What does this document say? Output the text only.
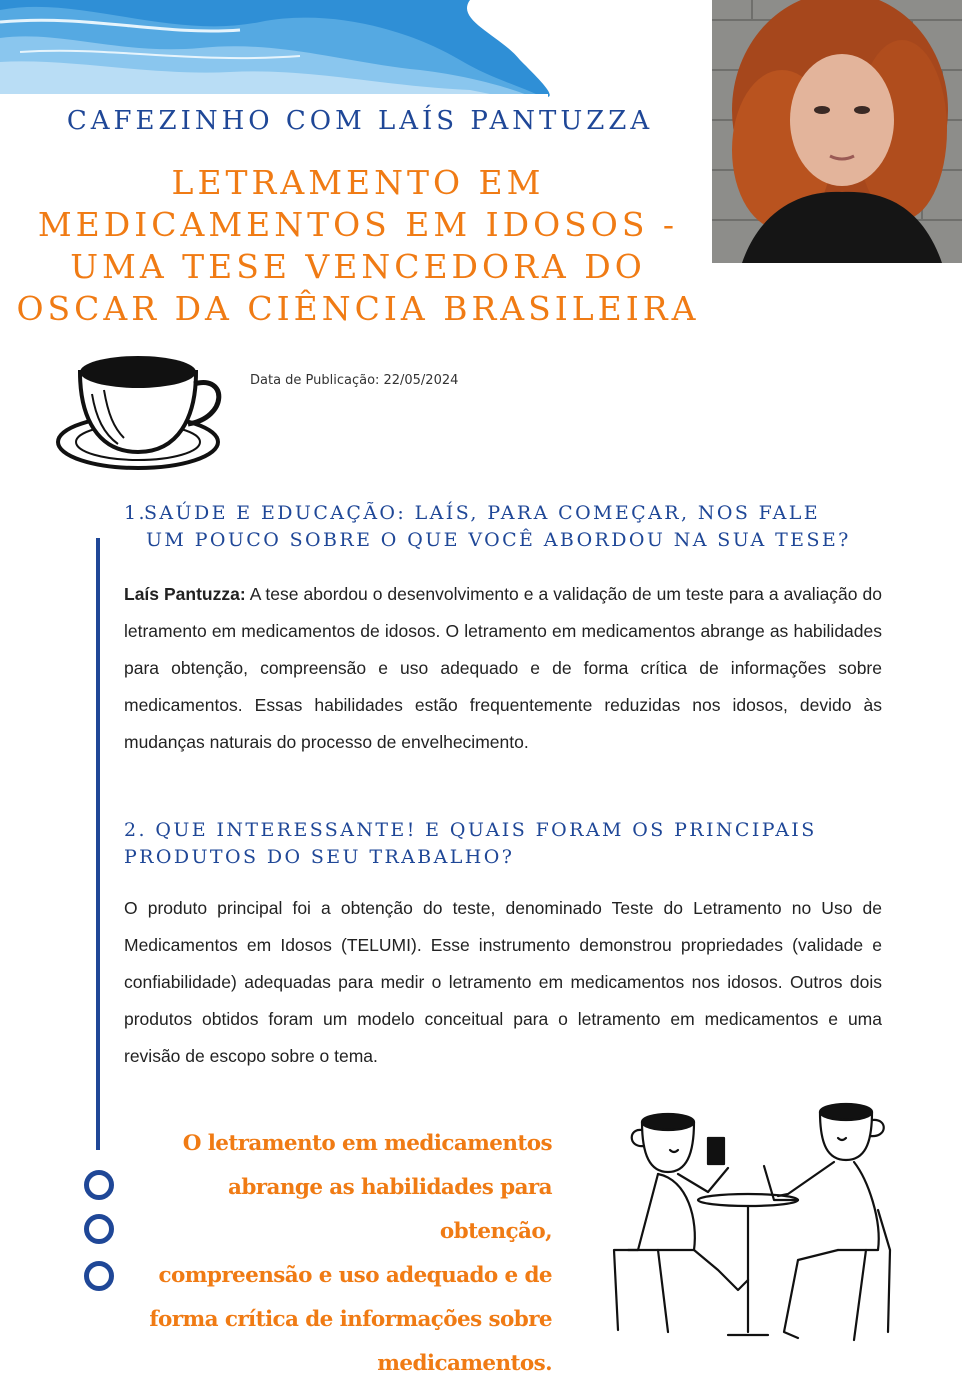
CAFEZINHO COM LAÍS PANTUZZA
LETRAMENTO EM MEDICAMENTOS EM IDOSOS - UMA TESE VENCEDORA DO OSCAR DA CIÊNCIA BRASILEIRA
Data de Publicação: 22/05/2024
1.SAÚDE E EDUCAÇÃO: LAÍS, PARA COMEÇAR, NOS FALE
UM POUCO SOBRE O QUE VOCÊ ABORDOU NA SUA TESE?

Laís Pantuzza: A tese abordou o desenvolvimento e a validação de um teste para a avaliação do letramento em medicamentos de idosos. O letramento em medicamentos abrange as habilidades para obtenção, compreensão e uso adequado e de forma crítica de informações sobre medicamentos. Essas habilidades estão frequentemente reduzidas nos idosos, devido às mudanças naturais do processo de envelhecimento.

2. QUE INTERESSANTE! E QUAIS FORAM OS PRINCIPAIS PRODUTOS DO SEU TRABALHO?

O produto principal foi a obtenção do teste, denominado Teste do Letramento no Uso de Medicamentos em Idosos (TELUMI). Esse instrumento demonstrou propriedades (validade e confiabilidade) adequadas para medir o letramento em medicamentos nos idosos. Outros dois produtos obtidos foram um modelo conceitual para o letramento em medicamentos e uma revisão de escopo sobre o tema.

O letramento em medicamentos
abrange as habilidades para obtenção,
compreensão e uso adequado e de
forma crítica de informações sobre
medicamentos.
